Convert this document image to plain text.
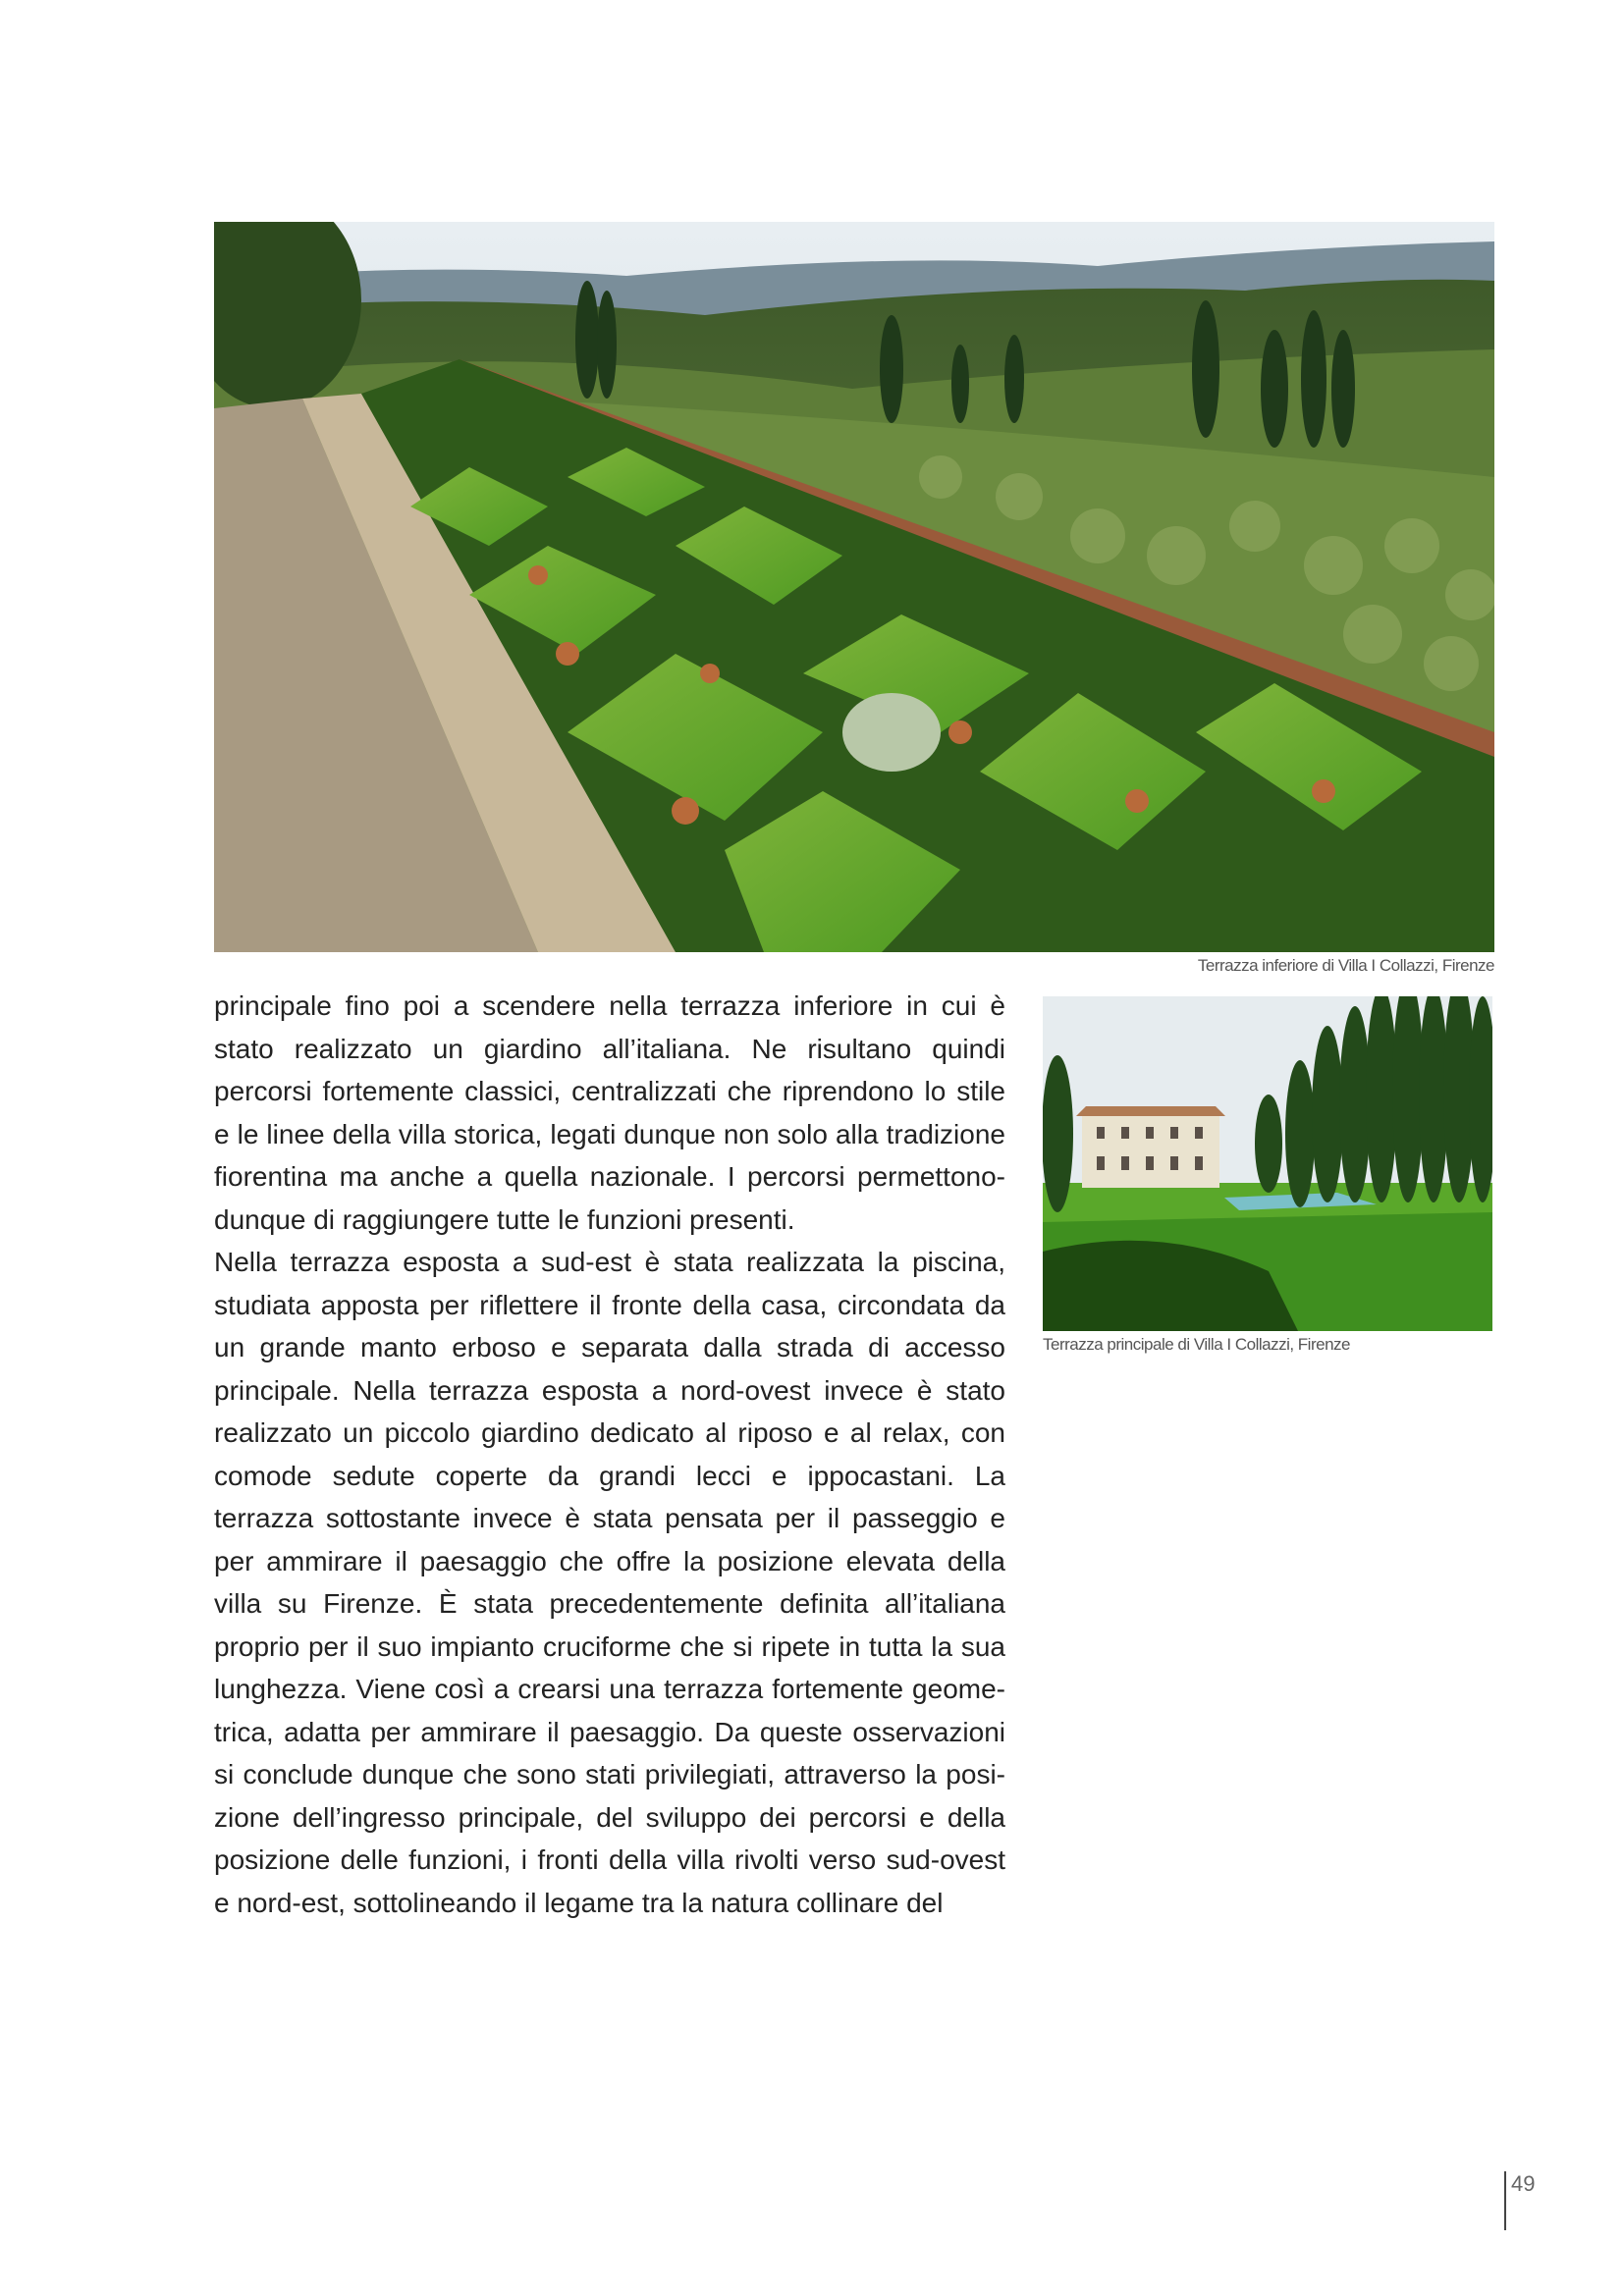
Terrazza inferiore di Villa I Collazzi, Firenze
Terrazza principale di Villa I Collazzi, Firenze

principale fino poi a scendere nella terrazza inferiore in cui è stato realizzato un giardino all’italiana. Ne risultano quindi percorsi fortemente classici, centralizzati che riprendono lo stile e le linee della villa storica, legati dunque non solo alla tradizione fiorentina ma anche a quella nazionale. I percorsi permettonodunque di raggiungere tutte le funzioni presenti.

Nella terrazza esposta a sud-est è stata realizzata la piscina, studiata apposta per riflettere il fronte della casa, circondata da un grande manto erboso e separata dalla strada di accesso principale. Nella terrazza esposta a nord-ovest invece è stato realizzato un piccolo giardino dedicato al riposo e al relax, con comode sedute coperte da grandi lecci e ippocastani. La terrazza sottostante invece è stata pensata per il passeggio e per ammirare il paesaggio che offre la posizione elevata della villa su Firenze. È stata precedentemente definita all’italiana proprio per il suo impianto cruciforme che si ripete in tutta la sua lunghezza. Viene così a crearsi una terrazza fortemente geometrica, adatta per ammirare il paesaggio. Da queste osservazioni si conclude dunque che sono stati privilegiati, attraverso la posizione dell’ingresso principale, del sviluppo dei percorsi e della posizione delle funzioni, i fronti della villa rivolti verso sud-ovest e nord-est, sottolineando il legame tra la natura collinare del

49
